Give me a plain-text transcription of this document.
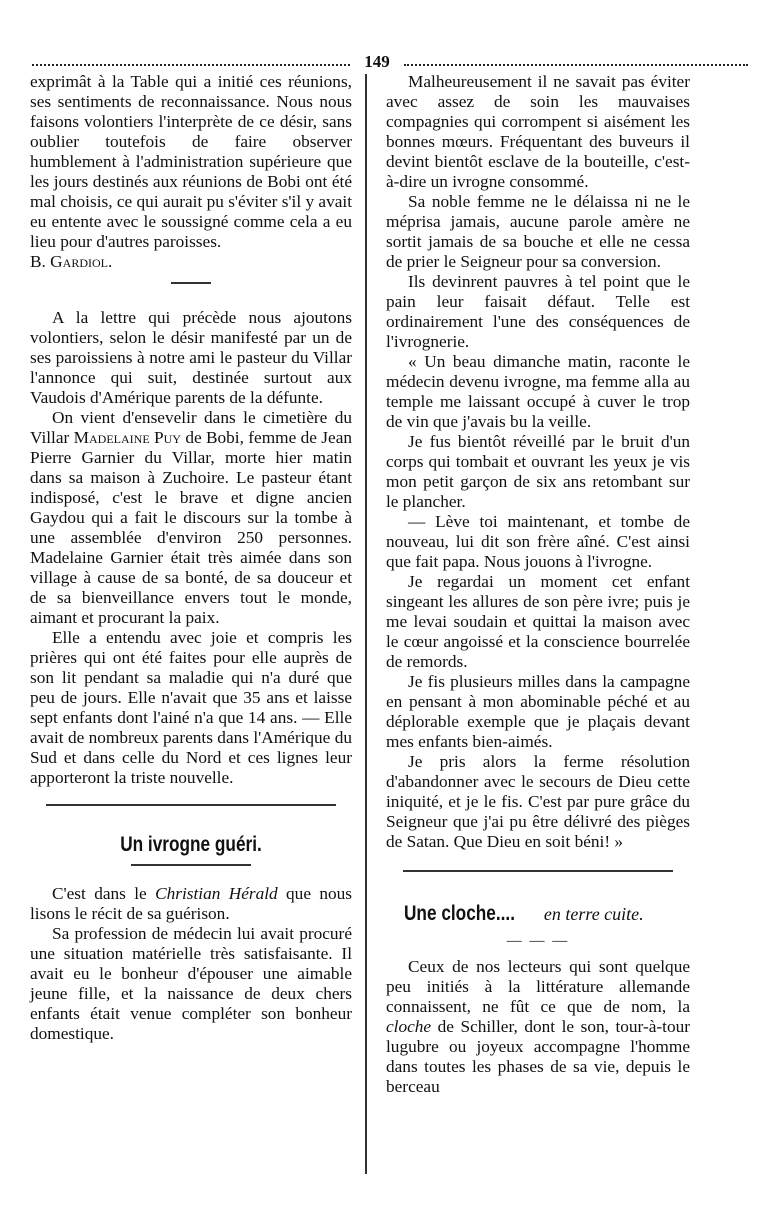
149

exprimât à la Table qui a initié ces réunions, ses sentiments de reconnaissance. Nous nous faisons volontiers l'interprète de ce désir, sans oublier toutefois de faire observer humblement à l'administration supérieure que les jours destinés aux réunions de Bobi ont été mal choisis, ce qui aurait pu s'éviter s'il y avait eu entente avec le soussigné comme cela a eu lieu pour d'autres paroisses.

B. Gardiol.

A la lettre qui précède nous ajoutons volontiers, selon le désir manifesté par un de ses paroissiens à notre ami le pasteur du Villar l'annonce qui suit, destinée surtout aux Vaudois d'Amérique parents de la défunte.

On vient d'ensevelir dans le cimetière du Villar Madelaine Puy de Bobi, femme de Jean Pierre Garnier du Villar, morte hier matin dans sa maison à Zuchoire. Le pasteur étant indisposé, c'est le brave et digne ancien Gaydou qui a fait le discours sur la tombe à une assemblée d'environ 250 personnes. Madelaine Garnier était très aimée dans son village à cause de sa bonté, de sa douceur et de sa bienveillance envers tout le monde, aimant et procurant la paix.

Elle a entendu avec joie et compris les prières qui ont été faites pour elle auprès de son lit pendant sa maladie qui n'a duré que peu de jours. Elle n'avait que 35 ans et laisse sept enfants dont l'ainé n'a que 14 ans. — Elle avait de nombreux parents dans l'Amérique du Sud et dans celle du Nord et ces lignes leur apporteront la triste nouvelle.

Un ivrogne guéri.

C'est dans le Christian Hérald que nous lisons le récit de sa guérison.

Sa profession de médecin lui avait procuré une situation matérielle très satisfaisante. Il avait eu le bonheur d'épouser une aimable jeune fille, et la naissance de deux chers enfants était venue compléter son bonheur domestique.

Malheureusement il ne savait pas éviter avec assez de soin les mauvaises compagnies qui corrompent si aisément les bonnes mœurs. Fréquentant des buveurs il devint bientôt esclave de la bouteille, c'est-à-dire un ivrogne consommé.

Sa noble femme ne le délaissa ni ne le méprisa jamais, aucune parole amère ne sortit jamais de sa bouche et elle ne cessa de prier le Seigneur pour sa conversion.

Ils devinrent pauvres à tel point que le pain leur faisait défaut. Telle est ordinairement l'une des conséquences de l'ivrognerie.

« Un beau dimanche matin, raconte le médecin devenu ivrogne, ma femme alla au temple me laissant occupé à cuver le trop de vin que j'avais bu la veille.

Je fus bientôt réveillé par le bruit d'un corps qui tombait et ouvrant les yeux je vis mon petit garçon de six ans retombant sur le plancher.

— Lève toi maintenant, et tombe de nouveau, lui dit son frère aîné. C'est ainsi que fait papa. Nous jouons à l'ivrogne.

Je regardai un moment cet enfant singeant les allures de son père ivre; puis je me levai soudain et quittai la maison avec le cœur angoissé et la conscience bourrelée de remords.

Je fis plusieurs milles dans la campagne en pensant à mon abominable péché et au déplorable exemple que je plaçais devant mes enfants bien-aimés.

Je pris alors la ferme résolution d'abandonner avec le secours de Dieu cette iniquité, et je le fis. C'est par pure grâce du Seigneur que j'ai pu être délivré des pièges de Satan. Que Dieu en soit béni! »

Une cloche.... en terre cuite.
— — —

Ceux de nos lecteurs qui sont quelque peu initiés à la littérature allemande connaissent, ne fût ce que de nom, la cloche de Schiller, dont le son, tour-à-tour lugubre ou joyeux accompagne l'homme dans toutes les phases de sa vie, depuis le berceau
